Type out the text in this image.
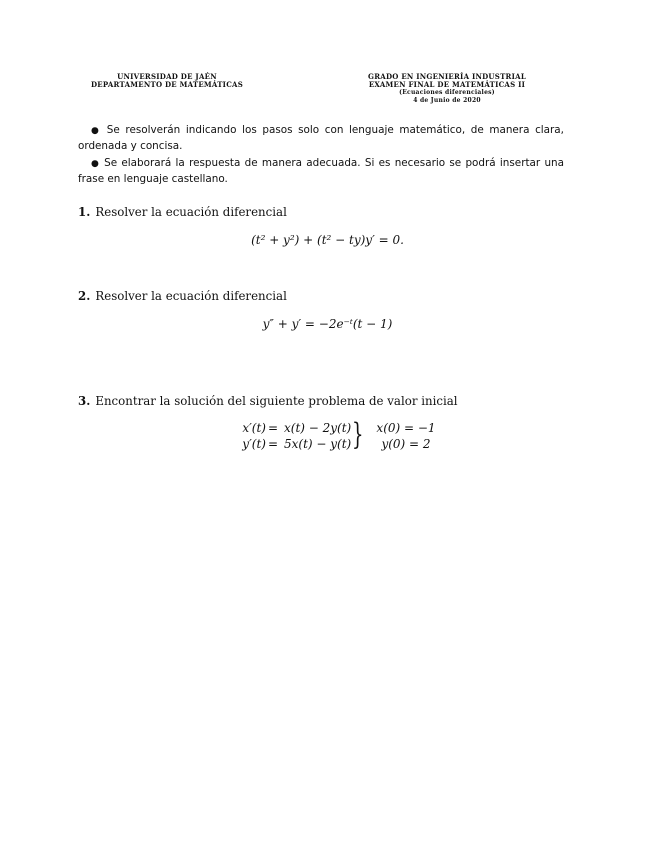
UNIVERSIDAD DE JAÉN
DEPARTAMENTO DE MATEMÁTICAS
GRADO EN INGENIERÍA INDUSTRIAL
EXAMEN FINAL DE MATEMÁTICAS II
(Ecuaciones diferenciales)
4 de Junio de 2020

● Se resolverán indicando los pasos solo con lenguaje matemático, de manera clara, ordenada y concisa.

● Se elaborará la respuesta de manera adecuada. Si es necesario se podrá insertar una frase en lenguaje castellano.

1. Resolver la ecuación diferencial
(t² + y²) + (t² − ty)y′ = 0.
2. Resolver la ecuación diferencial
y″ + y′ = −2e⁻ᵗ(t − 1)
3. Encontrar la solución del siguiente problema de valor inicial
x′(t) = x(t) − 2y(t)
y′(t) = 5x(t) − y(t) }	x(0) = −1
y(0) = 2
